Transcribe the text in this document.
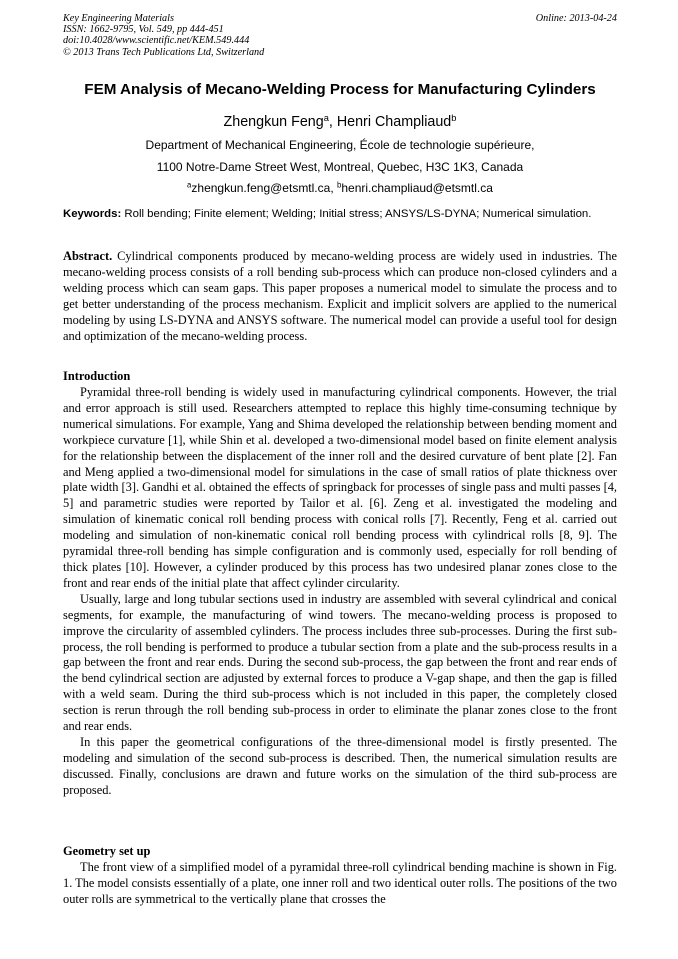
Key Engineering Materials
ISSN: 1662-9795, Vol. 549, pp 444-451
doi:10.4028/www.scientific.net/KEM.549.444
© 2013 Trans Tech Publications Ltd, Switzerland
Online: 2013-04-24
FEM Analysis of Mecano-Welding Process for Manufacturing Cylinders
Zhengkun Feng$^a$, Henri Champliaud$^b$
Department of Mechanical Engineering, École de technologie supérieure,
1100 Notre-Dame Street West, Montreal, Quebec, H3C 1K3, Canada
$^a$zhengkun.feng@etsmtl.ca, $^b$henri.champliaud@etsmtl.ca
Keywords: Roll bending; Finite element; Welding; Initial stress; ANSYS/LS-DYNA; Numerical simulation.
Abstract. Cylindrical components produced by mecano-welding process are widely used in industries. The mecano-welding process consists of a roll bending sub-process which can produce non-closed cylinders and a welding process which can seam gaps. This paper proposes a numerical model to simulate the process and to get better understanding of the process mechanism. Explicit and implicit solvers are applied to the numerical modeling by using LS-DYNA and ANSYS software. The numerical model can provide a useful tool for design and optimization of the mecano-welding process.
Introduction

Pyramidal three-roll bending is widely used in manufacturing cylindrical components. However, the trial and error approach is still used. Researchers attempted to replace this highly time-consuming technique by numerical simulations. For example, Yang and Shima developed the relationship between bending moment and workpiece curvature [1], while Shin et al. developed a two-dimensional model based on finite element analysis for the relationship between the displacement of the inner roll and the desired curvature of bent plate [2]. Fan and Meng applied a two-dimensional model for simulations in the case of small ratios of plate thickness over plate width [3]. Gandhi et al. obtained the effects of springback for processes of single pass and multi passes [4, 5] and parametric studies were reported by Tailor et al. [6]. Zeng et al. investigated the modeling and simulation of kinematic conical roll bending process with conical rolls [7]. Recently, Feng et al. carried out modeling and simulation of non-kinematic conical roll bending process with cylindrical rolls [8, 9]. The pyramidal three-roll bending has simple configuration and is commonly used, especially for roll bending of thick plates [10]. However, a cylinder produced by this process has two undesired planar zones close to the front and rear ends of the initial plate that affect cylinder circularity.

Usually, large and long tubular sections used in industry are assembled with several cylindrical and conical segments, for example, the manufacturing of wind towers. The mecano-welding process is proposed to improve the circularity of assembled cylinders. The process includes three sub-processes. During the first sub-process, the roll bending is performed to produce a tubular section from a plate and the sub-process results in a gap between the front and rear ends. During the second sub-process, the gap between the front and rear ends of the bend cylindrical section are adjusted by external forces to produce a V-gap shape, and then the gap is filled with a weld seam. During the third sub-process which is not included in this paper, the completely closed section is rerun through the roll bending sub-process in order to eliminate the planar zones close to the front and rear ends.

In this paper the geometrical configurations of the three-dimensional model is firstly presented. The modeling and simulation of the second sub-process is described. Then, the numerical simulation results are discussed. Finally, conclusions are drawn and future works on the simulation of the third sub-process are proposed.

Geometry set up

The front view of a simplified model of a pyramidal three-roll cylindrical bending machine is shown in Fig. 1. The model consists essentially of a plate, one inner roll and two identical outer rolls. The positions of the two outer rolls are symmetrical to the vertically plane that crosses the
